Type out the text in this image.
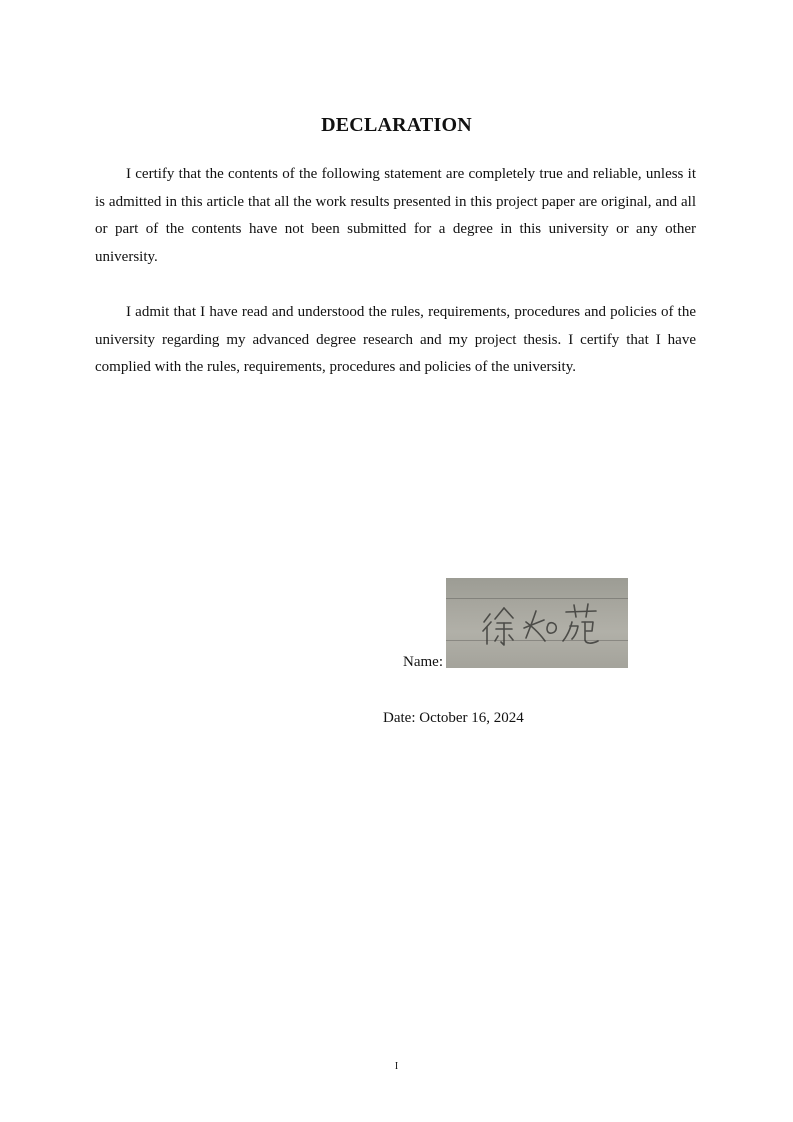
DECLARATION

I certify that the contents of the following statement are completely true and reliable, unless it is admitted in this article that all the work results presented in this project paper are original, and all or part of the contents have not been submitted for a degree in this university or any other university.

I admit that I have read and understood the rules, requirements, procedures and policies of the university regarding my advanced degree research and my project thesis. I certify that I have complied with the rules, requirements, procedures and policies of the university.

Name:
Date: October 16, 2024
I
